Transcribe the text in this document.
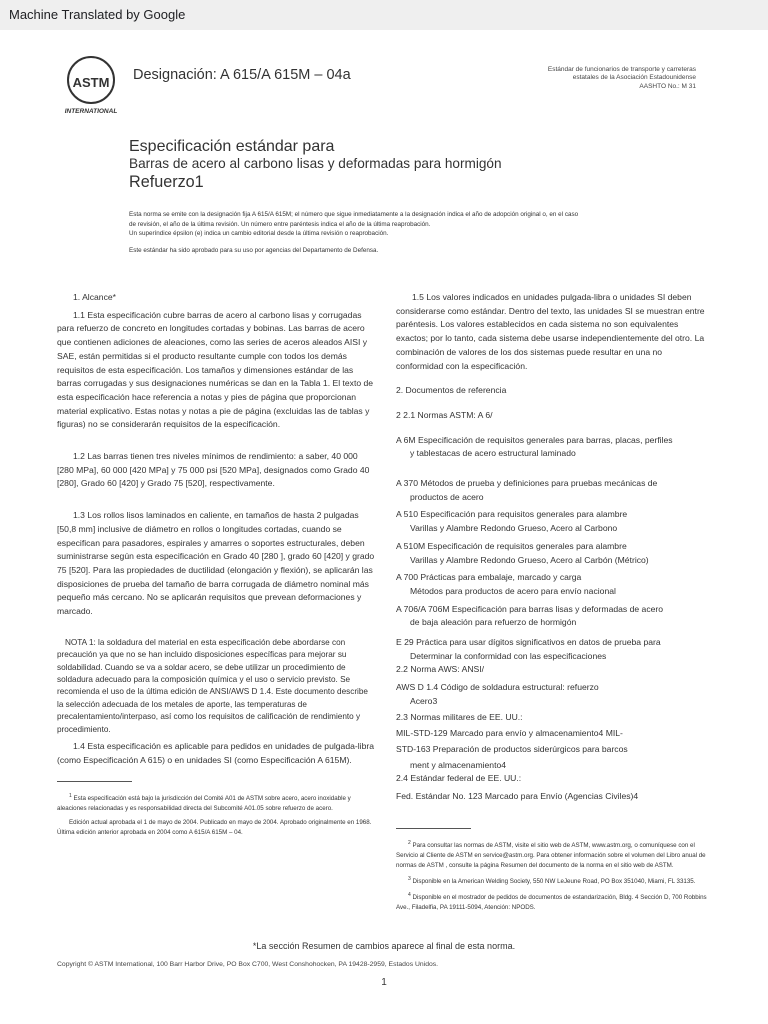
Machine Translated by Google
ASTM
INTERNATIONAL
Designación: A 615/A 615M – 04a	Estándar de funcionarios de transporte y carreteras
estatales de la Asociación Estadounidense
AASHTO No.: M 31
Especificación estándar para
Barras de acero al carbono lisas y deformadas para hormigón
Refuerzo1

Esta norma se emite con la designación fija A 615/A 615M; el número que sigue inmediatamente a la designación indica el año de adopción original o, en el caso

de revisión, el año de la última revisión. Un número entre paréntesis indica el año de la última reaprobación.

Un superíndice épsilon (e) indica un cambio editorial desde la última revisión o reaprobación.

Este estándar ha sido aprobado para su uso por agencias del Departamento de Defensa.

1. Alcance*

1.1 Esta especificación cubre barras de acero al carbono lisas y corrugadas para refuerzo de concreto en longitudes cortadas y bobinas. Las barras de acero que contienen adiciones de aleaciones, como las series de aceros aleados AISI y SAE, están permitidas si el producto resultante cumple con todos los demás requisitos de esta especificación. Los tamaños y dimensiones estándar de las barras corrugadas y sus designaciones numéricas se dan en la Tabla 1. El texto de esta especificación hace referencia a notas y pies de página que proporcionan material explicativo. Estas notas y notas a pie de página (excluidas las de tablas y figuras) no se considerarán requisitos de la especificación.

1.2 Las barras tienen tres niveles mínimos de rendimiento: a saber, 40 000 [280 MPa], 60 000 [420 MPa] y 75 000 psi [520 MPa], designados como Grado 40 [280], Grado 60 [420] y Grado 75 [520], respectivamente.

1.3 Los rollos lisos laminados en caliente, en tamaños de hasta 2 pulgadas [50,8 mm] inclusive de diámetro en rollos o longitudes cortadas, cuando se especifican para pasadores, espirales y amarres o soportes estructurales, deben suministrarse según esta especificación en Grado 40 [280 ], grado 60 [420] y grado 75 [520]. Para las propiedades de ductilidad (elongación y flexión), se aplicarán las disposiciones de prueba del tamaño de barra corrugada de diámetro nominal más pequeño más cercano. No se aplicarán requisitos que prevean deformaciones y marcado.

NOTA 1: la soldadura del material en esta especificación debe abordarse con precaución ya que no se han incluido disposiciones específicas para mejorar su soldabilidad. Cuando se va a soldar acero, se debe utilizar un procedimiento de soldadura adecuado para la composición química y el uso o servicio previsto. Se recomienda el uso de la última edición de ANSI/AWS D 1.4. Este documento describe la selección adecuada de los metales de aporte, las temperaturas de precalentamiento/interpaso, así como los requisitos de calificación de rendimiento y procedimiento.

1.4 Esta especificación es aplicable para pedidos en unidades de pulgada-libra (como Especificación A 615) o en unidades SI (como Especificación A 615M).

$^1$ Esta especificación está bajo la jurisdicción del Comité A01 de ASTM sobre acero, acero inoxidable y aleaciones relacionadas y es responsabilidad directa del Subcomité A01.05 sobre refuerzo de acero.

Edición actual aprobada el 1 de mayo de 2004. Publicado en mayo de 2004. Aprobado originalmente en 1968. Última edición anterior aprobada en 2004 como A 615/A 615M – 04.

1.5 Los valores indicados en unidades pulgada-libra o unidades SI deben considerarse como estándar. Dentro del texto, las unidades SI se muestran entre paréntesis. Los valores establecidos en cada sistema no son equivalentes exactos; por lo tanto, cada sistema debe usarse independientemente del otro. La combinación de valores de los dos sistemas puede resultar en una no conformidad con la especificación.

2. Documentos de referencia

2 2.1 Normas ASTM: A 6/

A 6M Especificación de requisitos generales para barras, placas, perfiles

y tablestacas de acero estructural laminado

A 370 Métodos de prueba y definiciones para pruebas mecánicas de

productos de acero

A 510 Especificación para requisitos generales para alambre

Varillas y Alambre Redondo Grueso, Acero al Carbono

A 510M Especificación de requisitos generales para alambre

Varillas y Alambre Redondo Grueso, Acero al Carbón (Métrico)

A 700 Prácticas para embalaje, marcado y carga

Métodos para productos de acero para envío nacional

A 706/A 706M Especificación para barras lisas y deformadas de acero

de baja aleación para refuerzo de hormigón

E 29 Práctica para usar dígitos significativos en datos de prueba para

Determinar la conformidad con las especificaciones

2.2 Norma AWS: ANSI/

AWS D 1.4 Código de soldadura estructural: refuerzo

Acero3

2.3 Normas militares de EE. UU.:

MIL-STD-129 Marcado para envío y almacenamiento4 MIL-

STD-163 Preparación de productos siderúrgicos para barcos

ment y almacenamiento4

2.4 Estándar federal de EE. UU.:

Fed. Estándar No. 123 Marcado para Envío (Agencias Civiles)4

$^2$ Para consultar las normas de ASTM, visite el sitio web de ASTM, www.astm.org, o comuníquese con el Servicio al Cliente de ASTM en service@astm.org. Para obtener información sobre el volumen del Libro anual de normas de ASTM , consulte la página Resumen del documento de la norma en el sitio web de ASTM.

$^3$ Disponible en la American Welding Society, 550 NW LeJeune Road, PO Box 351040, Miami, FL 33135.

$^4$ Disponible en el mostrador de pedidos de documentos de estandarización, Bldg. 4 Sección D, 700 Robbins Ave., Filadelfia, PA 19111-5094, Atención: NPODS.

*La sección Resumen de cambios aparece al final de esta norma.
Copyright © ASTM International, 100 Barr Harbor Drive, PO Box C700, West Conshohocken, PA 19428-2959, Estados Unidos.
1
